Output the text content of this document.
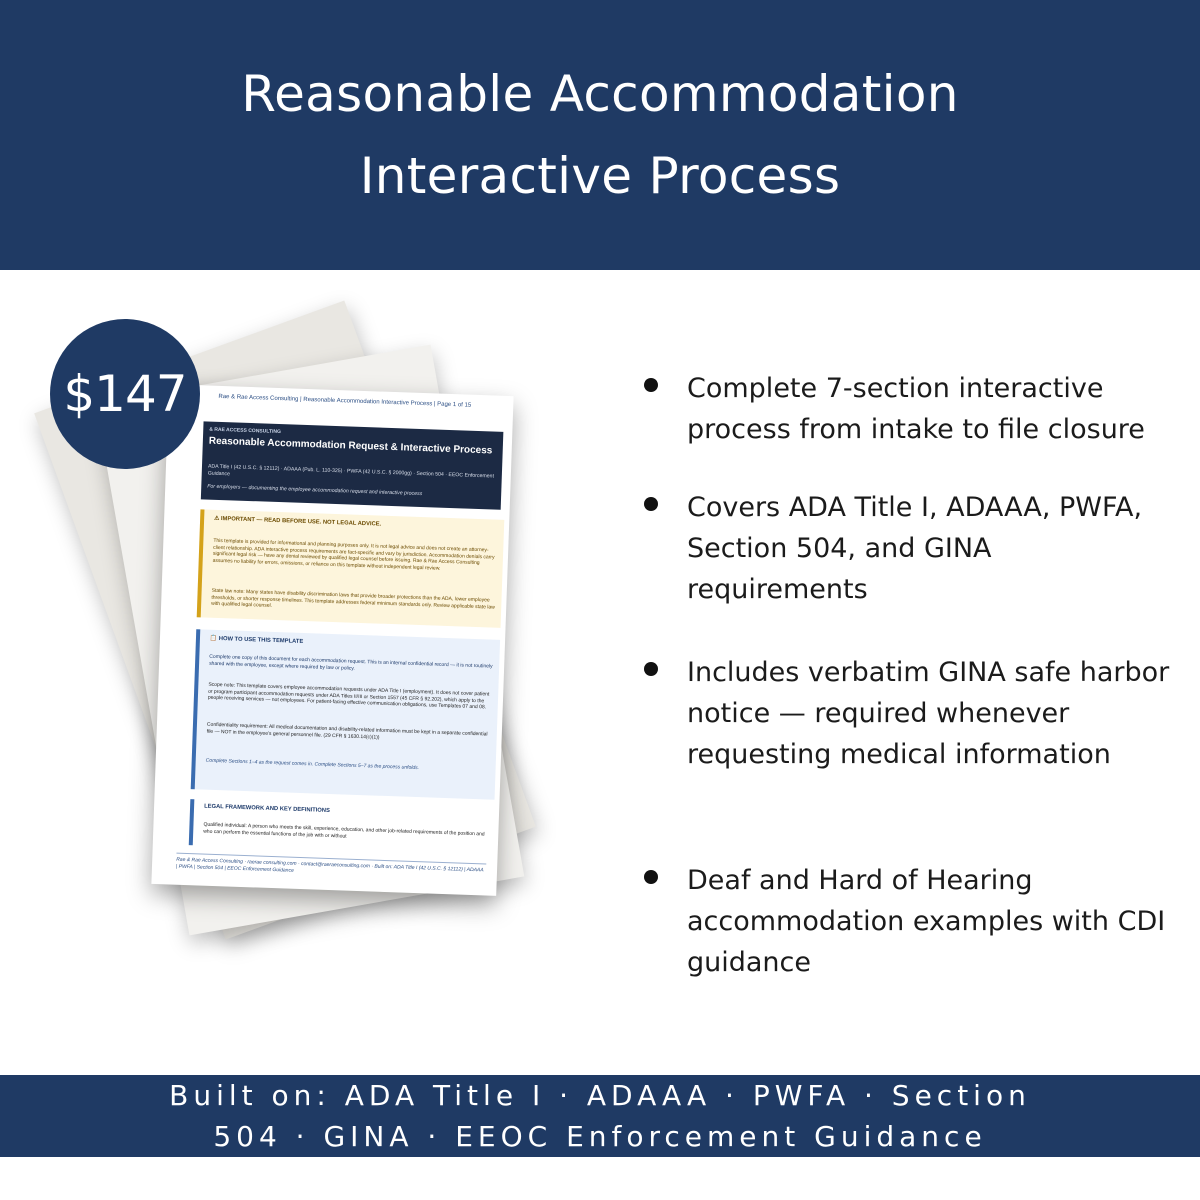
Reasonable Accommodation
Interactive Process
Rae & Rae Access Consulting | Reasonable Accommodation Interactive Process | Page 1 of 15
& RAE ACCESS CONSULTING
Reasonable Accommodation Request & Interactive Process
ADA Title I (42 U.S.C. § 12112) · ADAAA (Pub. L. 110-325) · PWFA (42 U.S.C. § 2000gg) · Section 504 · EEOC Enforcement Guidance
For employers — documenting the employee accommodation request and interactive process
⚠ IMPORTANT — READ BEFORE USE. NOT LEGAL ADVICE.
This template is provided for informational and planning purposes only. It is not legal advice and does not create an attorney-client relationship. ADA interactive process requirements are fact-specific and vary by jurisdiction. Accommodation denials carry significant legal risk — have any denial reviewed by qualified legal counsel before issuing. Rae & Rae Access Consulting assumes no liability for errors, omissions, or reliance on this template without independent legal review.
State law note: Many states have disability discrimination laws that provide broader protections than the ADA, lower employee thresholds, or shorter response timelines. This template addresses federal minimum standards only. Review applicable state law with qualified legal counsel.
📋 HOW TO USE THIS TEMPLATE
Complete one copy of this document for each accommodation request. This is an internal confidential record — it is not routinely shared with the employee, except where required by law or policy.
Scope note: This template covers employee accommodation requests under ADA Title I (employment). It does not cover patient or program participant accommodation requests under ADA Titles II/III or Section 1557 (45 CFR § 92.202), which apply to the people receiving services — not employees. For patient-facing effective communication obligations, use Templates 07 and 08.
Confidentiality requirement: All medical documentation and disability-related information must be kept in a separate confidential file — NOT in the employee's general personnel file. (29 CFR § 1630.14(c)(1))
Complete Sections 1–4 as the request comes in. Complete Sections 5–7 as the process unfolds.
LEGAL FRAMEWORK AND KEY DEFINITIONS
Qualified individual: A person who meets the skill, experience, education, and other job-related requirements of the position and who can perform the essential functions of the job with or without
Rae & Rae Access Consulting · raerae consulting.com · contact@raeraeconsulting.com · Built on: ADA Title I (42 U.S.C. § 12112) | ADAAA | PWFA | Section 504 | EEOC Enforcement Guidance
$147	Complete 7-section interactive process from intake to file closure
Covers ADA Title I, ADAAA, PWFA, Section 504, and GINA requirements
Includes verbatim GINA safe harbor notice — required whenever requesting medical information
Deaf and Hard of Hearing accommodation examples with CDI guidance
Built on: ADA Title I · ADAAA · PWFA · Section
504 · GINA · EEOC Enforcement Guidance
